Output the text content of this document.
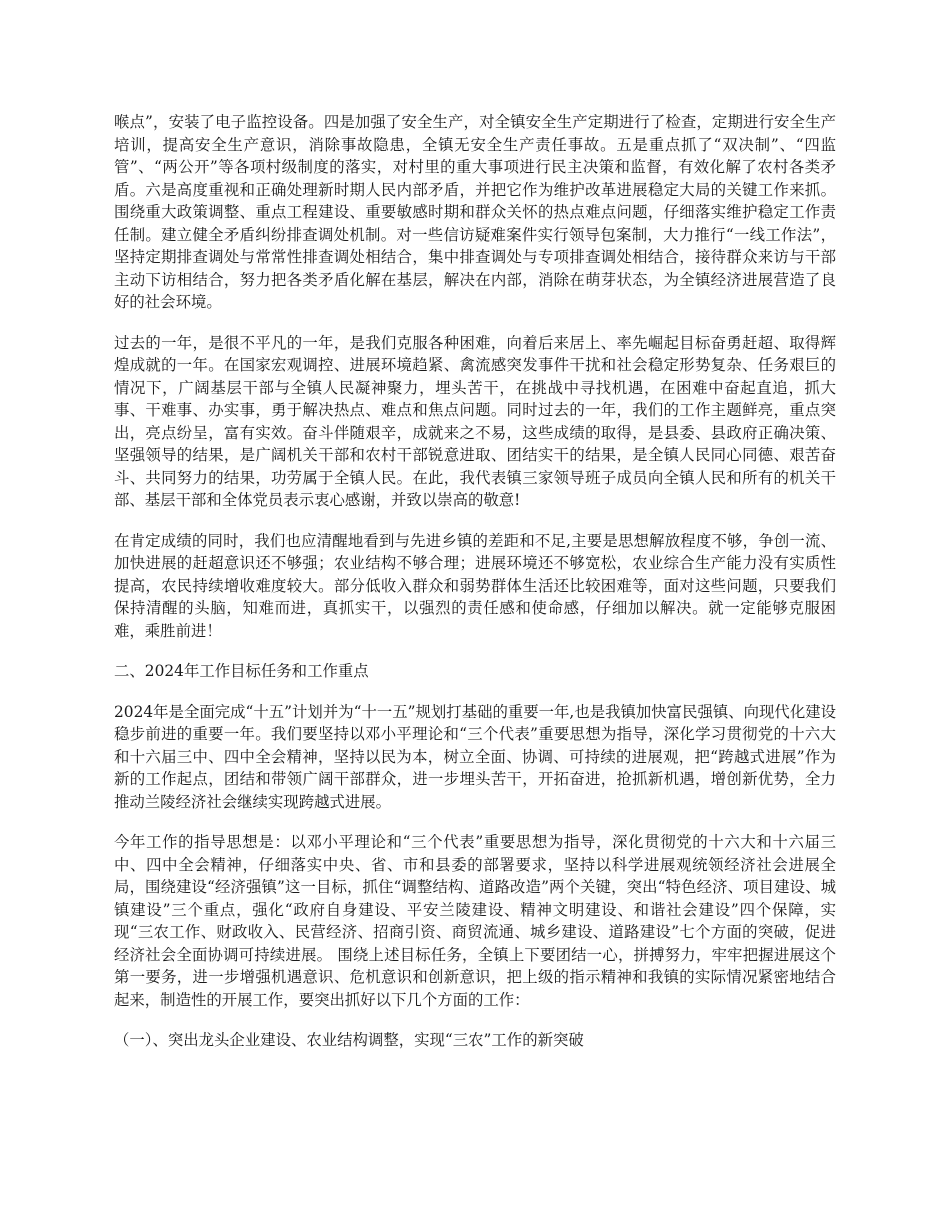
喉点”，安装了电子监控设备。四是加强了安全生产，对全镇安全生产定期进行了检查，定期进行安全生产培训，提高安全生产意识，消除事故隐患，全镇无安全生产责任事故。五是重点抓了“双决制”、“四监管”、“两公开”等各项村级制度的落实，对村里的重大事项进行民主决策和监督，有效化解了农村各类矛盾。六是高度重视和正确处理新时期人民内部矛盾，并把它作为维护改革进展稳定大局的关键工作来抓。围绕重大政策调整、重点工程建设、重要敏感时期和群众关怀的热点难点问题，仔细落实维护稳定工作责任制。建立健全矛盾纠纷排查调处机制。对一些信访疑难案件实行领导包案制，大力推行“一线工作法”，坚持定期排查调处与常常性排查调处相结合，集中排查调处与专项排查调处相结合，接待群众来访与干部主动下访相结合，努力把各类矛盾化解在基层，解决在内部，消除在萌芽状态，为全镇经济进展营造了良好的社会环境。

过去的一年，是很不平凡的一年，是我们克服各种困难，向着后来居上、率先崛起目标奋勇赶超、取得辉煌成就的一年。在国家宏观调控、进展环境趋紧、禽流感突发事件干扰和社会稳定形势复杂、任务艰巨的情况下，广阔基层干部与全镇人民凝神聚力，埋头苦干，在挑战中寻找机遇，在困难中奋起直追，抓大事、干难事、办实事，勇于解决热点、难点和焦点问题。同时过去的一年，我们的工作主题鲜亮，重点突出，亮点纷呈，富有实效。奋斗伴随艰辛，成就来之不易，这些成绩的取得，是县委、县政府正确决策、坚强领导的结果，是广阔机关干部和农村干部锐意进取、团结实干的结果，是全镇人民同心同德、艰苦奋斗、共同努力的结果，功劳属于全镇人民。在此，我代表镇三家领导班子成员向全镇人民和所有的机关干部、基层干部和全体党员表示衷心感谢，并致以崇高的敬意!

在肯定成绩的同时，我们也应清醒地看到与先进乡镇的差距和不足,主要是思想解放程度不够，争创一流、加快进展的赶超意识还不够强；农业结构不够合理；进展环境还不够宽松，农业综合生产能力没有实质性提高，农民持续增收难度较大。部分低收入群众和弱势群体生活还比较困难等，面对这些问题，只要我们保持清醒的头脑，知难而进，真抓实干，以强烈的责任感和使命感，仔细加以解决。就一定能够克服困难，乘胜前进！

二、2024年工作目标任务和工作重点

2024年是全面完成“十五”计划并为“十一五”规划打基础的重要一年,也是我镇加快富民强镇、向现代化建设稳步前进的重要一年。我们要坚持以邓小平理论和“三个代表”重要思想为指导，深化学习贯彻党的十六大和十六届三中、四中全会精神，坚持以民为本，树立全面、协调、可持续的进展观，把“跨越式进展”作为新的工作起点，团结和带领广阔干部群众，进一步埋头苦干，开拓奋进，抢抓新机遇，增创新优势，全力推动兰陵经济社会继续实现跨越式进展。

今年工作的指导思想是：以邓小平理论和“三个代表”重要思想为指导，深化贯彻党的十六大和十六届三中、四中全会精神，仔细落实中央、省、市和县委的部署要求，坚持以科学进展观统领经济社会进展全局，围绕建设“经济强镇”这一目标，抓住“调整结构、道路改造”两个关键，突出“特色经济、项目建设、城镇建设”三个重点，强化“政府自身建设、平安兰陵建设、精神文明建设、和谐社会建设”四个保障，实现“三农工作、财政收入、民营经济、招商引资、商贸流通、城乡建设、道路建设”七个方面的突破，促进经济社会全面协调可持续进展。 围绕上述目标任务，全镇上下要团结一心，拼搏努力，牢牢把握进展这个第一要务，进一步增强机遇意识、危机意识和创新意识，把上级的指示精神和我镇的实际情况紧密地结合起来，制造性的开展工作，要突出抓好以下几个方面的工作：

（一）、突出龙头企业建设、农业结构调整，实现“三农”工作的新突破
